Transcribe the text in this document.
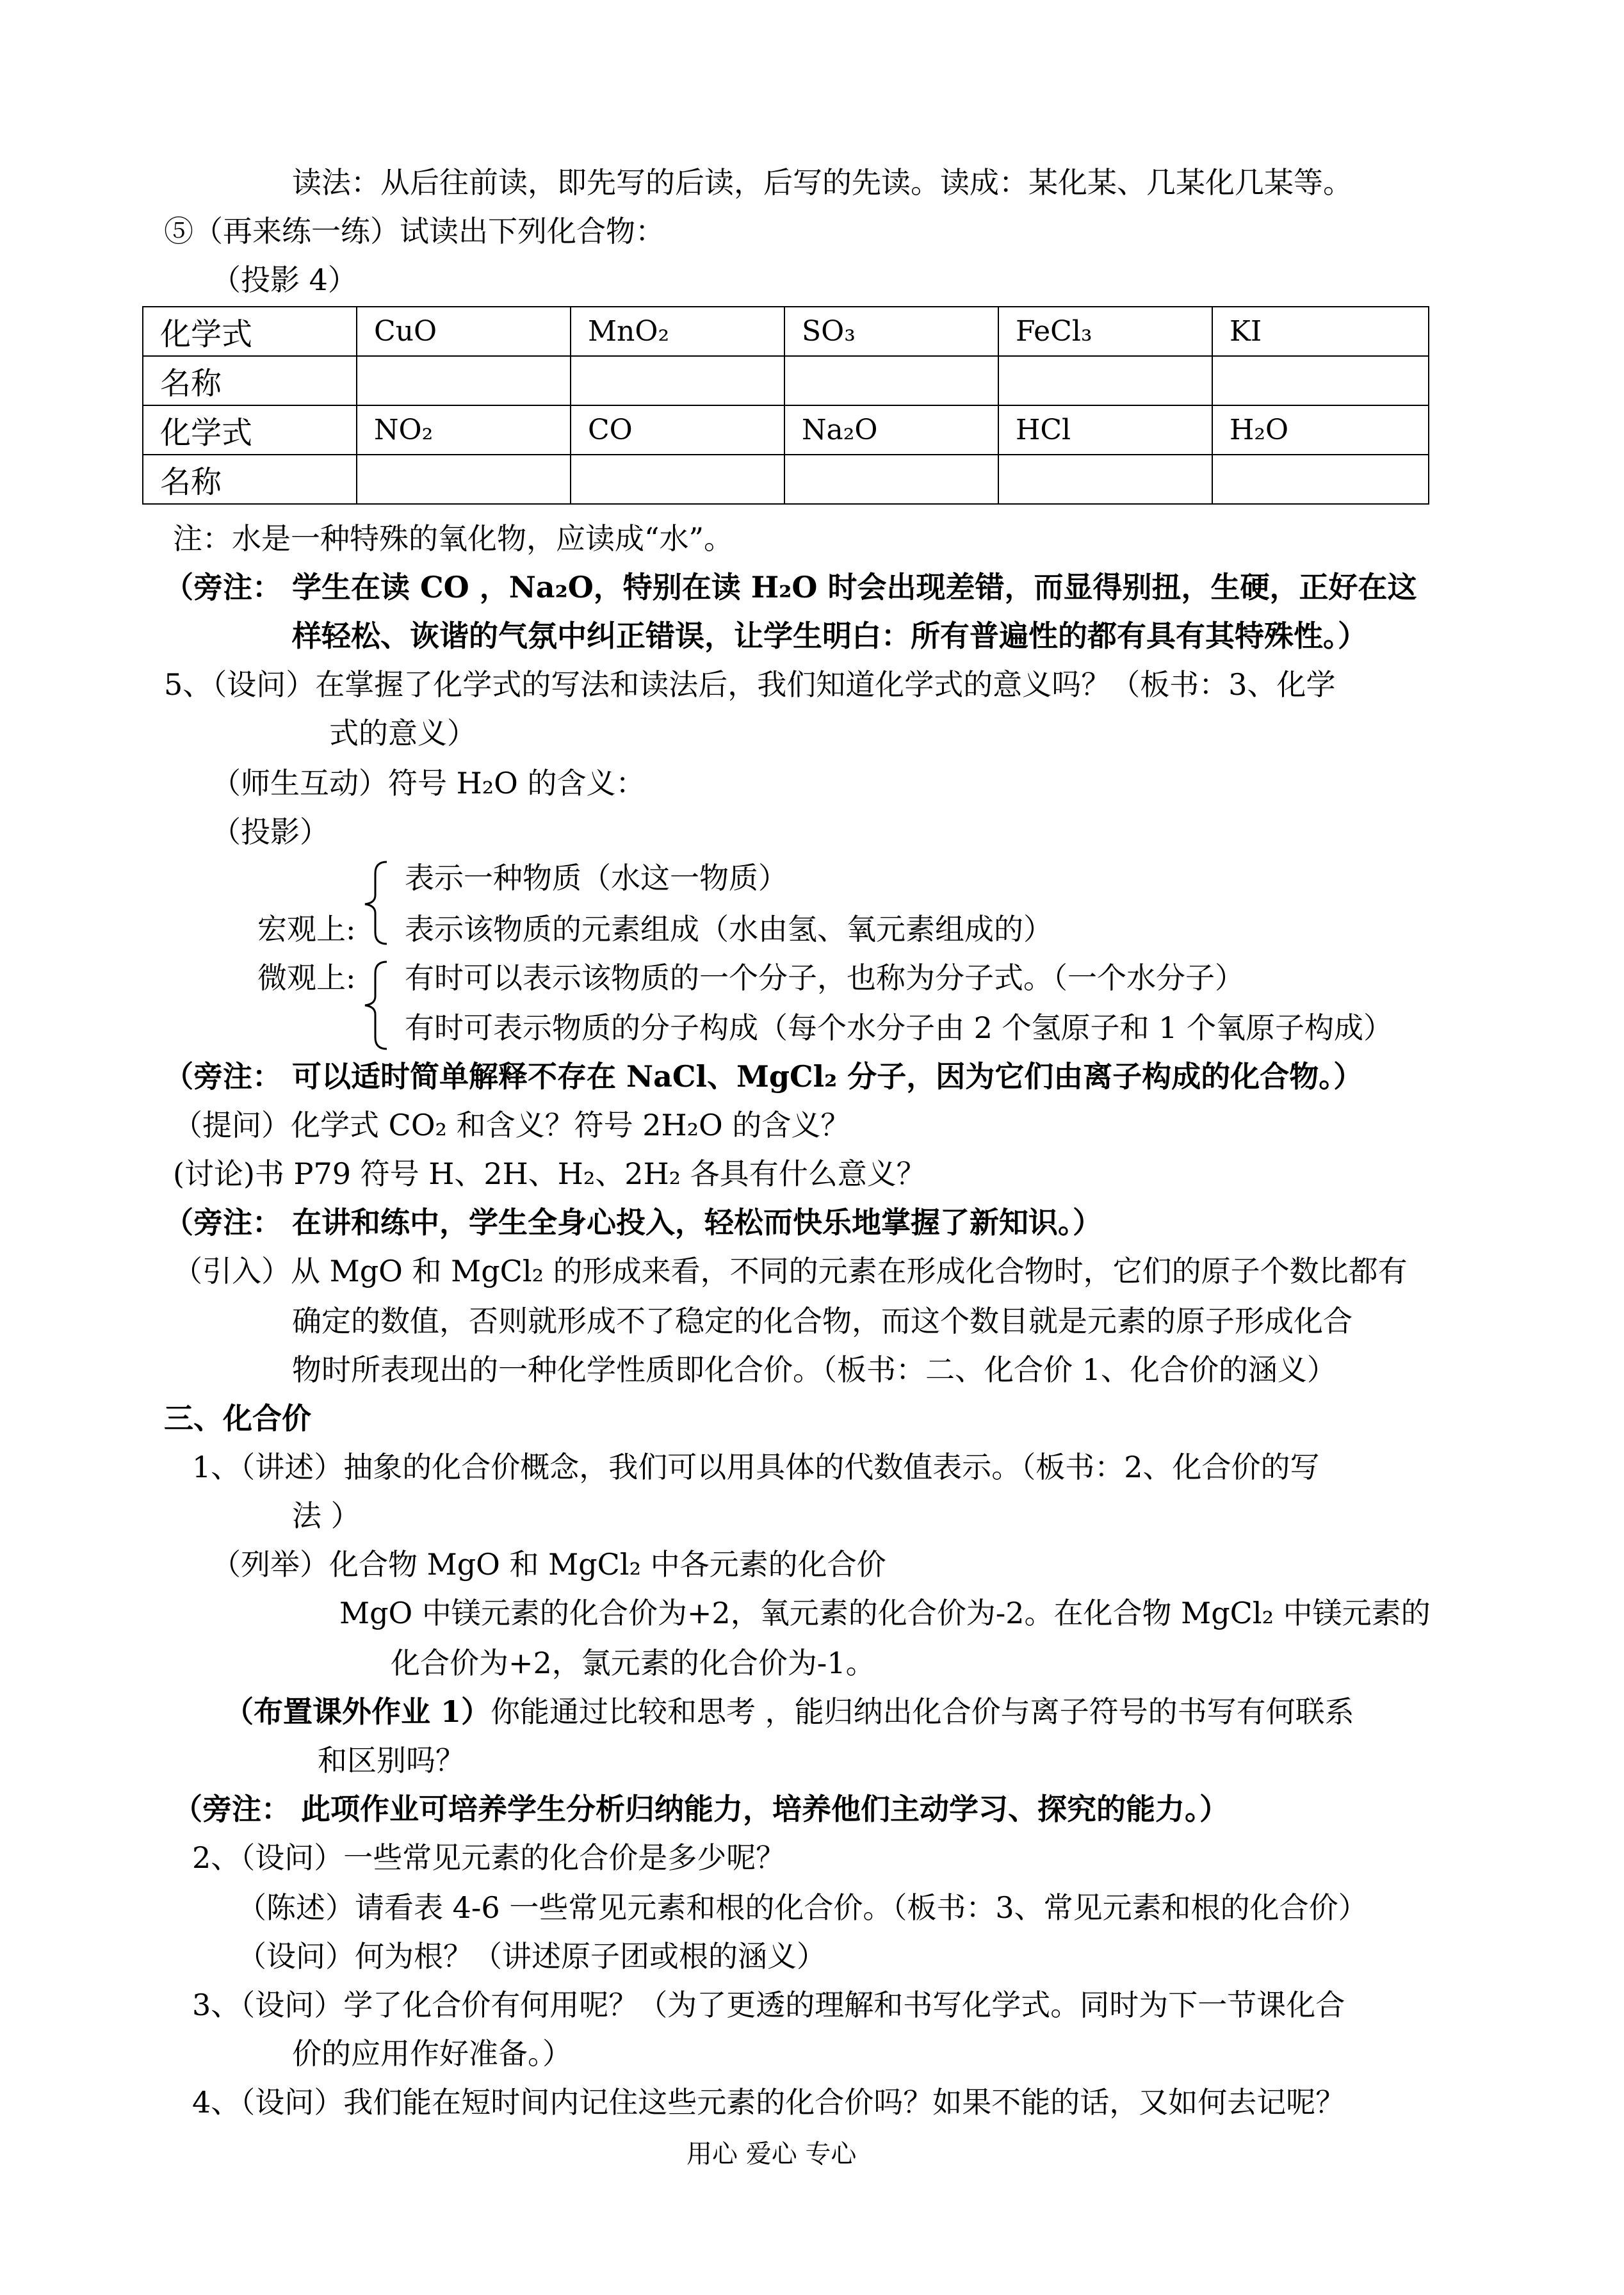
读法：从后往前读，即先写的后读，后写的先读。读成：某化某、几某化几某等。
⑤（再来练一练）试读出下列化合物：
（投影 4）
化学式	CuO	MnO₂	SO₃	FeCl₃	KI
名称					
化学式	NO₂	CO	Na₂O	HCl	H₂O
名称					
注：水是一种特殊的氧化物，应读成“水”。
（旁注： 学生在读 CO ，Na₂O，特别在读 H₂O 时会出现差错，而显得别扭，生硬，正好在这
样轻松、诙谐的气氛中纠正错误，让学生明白：所有普遍性的都有具有其特殊性。）
5、（设问）在掌握了化学式的写法和读法后，我们知道化学式的意义吗？（板书：3、化学
式的意义）
（师生互动）符号 H₂O 的含义：
（投影）
表示一种物质（水这一物质）
宏观上: 表示该物质的元素组成（水由氢、氧元素组成的）
微观上: 有时可以表示该物质的一个分子，也称为分子式。（一个水分子）
有时可表示物质的分子构成（每个水分子由 2 个氢原子和 1 个氧原子构成）
（旁注： 可以适时简单解释不存在 NaCl、MgCl₂ 分子，因为它们由离子构成的化合物。）
（提问）化学式 CO₂ 和含义？符号 2H₂O 的含义？
(讨论)书 P79 符号 H、2H、H₂、2H₂ 各具有什么意义？
（旁注： 在讲和练中，学生全身心投入，轻松而快乐地掌握了新知识。）
（引入）从 MgO 和 MgCl₂ 的形成来看，不同的元素在形成化合物时，它们的原子个数比都有
确定的数值，否则就形成不了稳定的化合物，而这个数目就是元素的原子形成化合
物时所表现出的一种化学性质即化合价。（板书：二、化合价 1、化合价的涵义）
三、化合价
1、（讲述）抽象的化合价概念，我们可以用具体的代数值表示。（板书：2、化合价的写
法 ）
（列举）化合物 MgO 和 MgCl₂ 中各元素的化合价
MgO 中镁元素的化合价为+2，氧元素的化合价为-2。在化合物 MgCl₂ 中镁元素的
化合价为+2，氯元素的化合价为-1。
（布置课外作业 1）你能通过比较和思考 ，能归纳出化合价与离子符号的书写有何联系
和区别吗？
（旁注： 此项作业可培养学生分析归纳能力，培养他们主动学习、探究的能力。）
2、（设问）一些常见元素的化合价是多少呢？
（陈述）请看表 4-6 一些常见元素和根的化合价。（板书：3、常见元素和根的化合价）
（设问）何为根？（讲述原子团或根的涵义）
3、（设问）学了化合价有何用呢？（为了更透的理解和书写化学式。同时为下一节课化合
价的应用作好准备。）
4、（设问）我们能在短时间内记住这些元素的化合价吗？如果不能的话，又如何去记呢？
用心 爱心 专心
